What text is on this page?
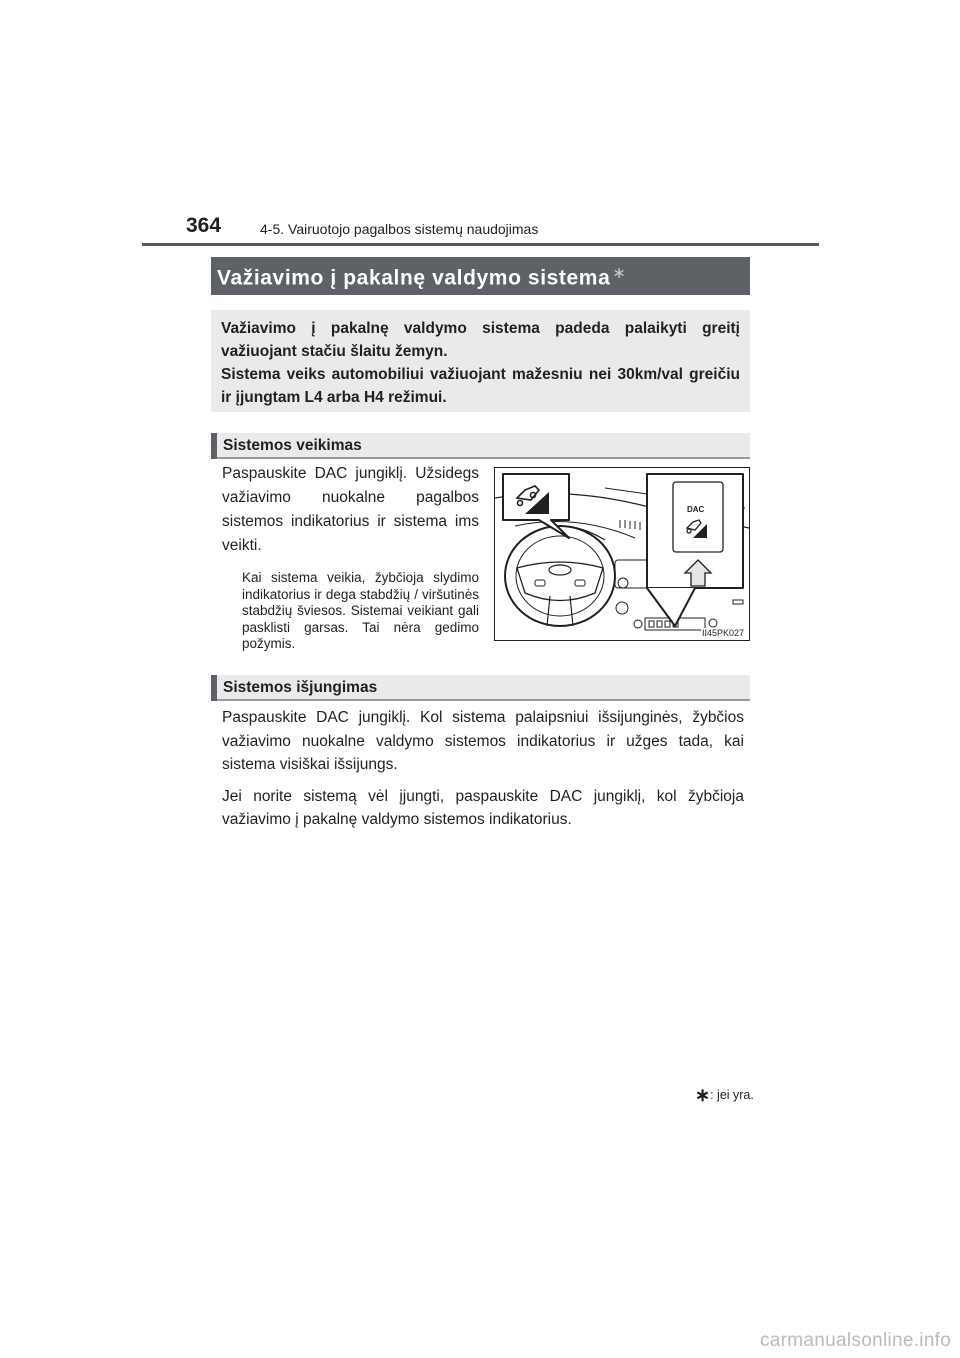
364	4-5. Vairuotojo pagalbos sistemų naudojimas
Važiavimo į pakalnę valdymo sistema ∗

Važiavimo į pakalnę valdymo sistema padeda palaikyti greitį važiuojant stačiu šlaitu žemyn.

Sistema veiks automobiliui važiuojant mažesniu nei 30km/val greičiu ir įjungtam L4 arba H4 režimui.

Sistemos veikimas

Paspauskite DAC jungiklį. Užsidegs važiavimo nuokalne pagalbos sistemos indikatorius ir sistema ims veikti.

Kai sistema veikia, žybčioja slydimo indikatorius ir dega stabdžių / viršutinės stabdžių šviesos. Sistemai veikiant gali pasklisti garsas. Tai nėra gedimo požymis.

DAC
II45PK027
Sistemos išjungimas

Paspauskite DAC jungiklį. Kol sistema palaipsniui išsijunginės, žybčios važiavimo nuokalne valdymo sistemos indikatorius ir užges tada, kai sistema visiškai išsijungs.

Jei norite sistemą vėl įjungti, paspauskite DAC jungiklį, kol žybčioja važiavimo į pakalnę valdymo sistemos indikatorius.

∗: jei yra.
carmanualsonline.info
